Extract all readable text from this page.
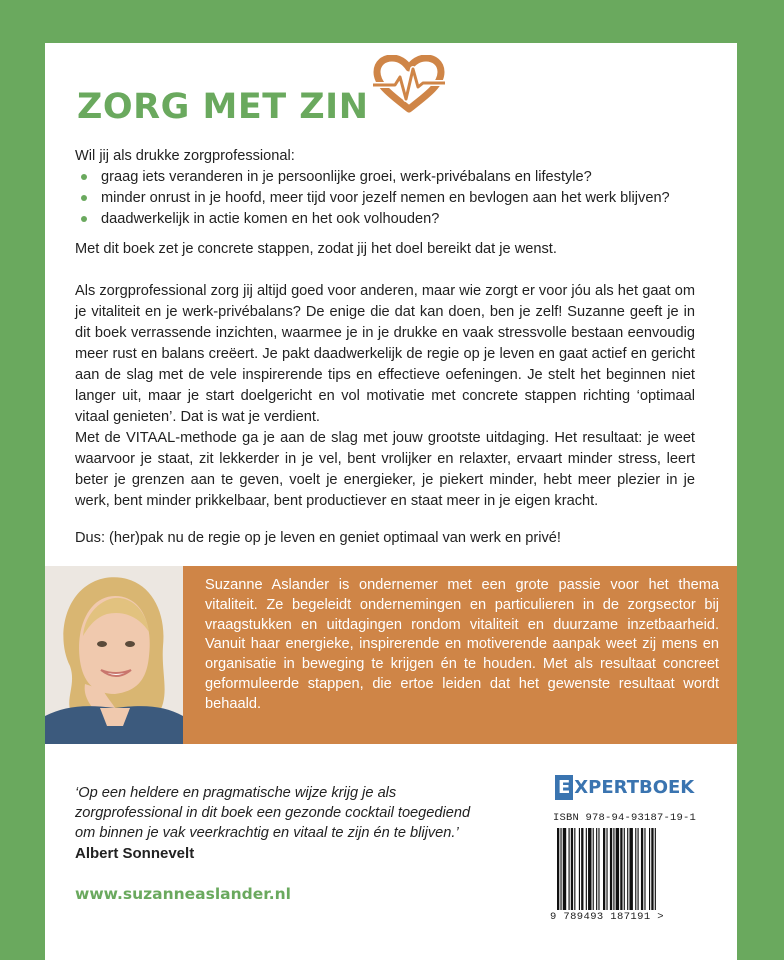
ZORG MET ZIN

Wil jij als drukke zorgprofessional:

graag iets veranderen in je persoonlijke groei, werk-privébalans en lifestyle?
minder onrust in je hoofd, meer tijd voor jezelf nemen en bevlogen aan het werk blijven?
daadwerkelijk in actie komen en het ook volhouden?

Met dit boek zet je concrete stappen, zodat jij het doel bereikt dat je wenst.

Als zorgprofessional zorg jij altijd goed voor anderen, maar wie zorgt er voor jóu als het gaat om je vitaliteit en je werk-privébalans? De enige die dat kan doen, ben je zelf! Suzanne geeft je in dit boek verrassende inzichten, waarmee je in je drukke en vaak stressvolle bestaan eenvoudig meer rust en balans creëert. Je pakt daadwerkelijk de regie op je leven en gaat actief en gericht aan de slag met de vele inspirerende tips en effectieve oefeningen. Je stelt het beginnen niet langer uit, maar je start doelgericht en vol motivatie met concrete stappen richting ‘optimaal vitaal genieten’. Dat is wat je verdient.

Met de VITAAL-methode ga je aan de slag met jouw grootste uitdaging. Het resultaat: je weet waarvoor je staat, zit lekkerder in je vel, bent vrolijker en relaxter, ervaart minder stress, leert beter je grenzen aan te geven, voelt je energieker, je piekert minder, hebt meer plezier in je werk, bent minder prikkelbaar, bent productiever en staat meer in je eigen kracht.

Dus: (her)pak nu de regie op je leven en geniet optimaal van werk en privé!

Suzanne Aslander is ondernemer met een grote passie voor het thema vitaliteit. Ze begeleidt ondernemingen en particulieren in de zorgsector bij vraagstukken en uitdagingen rondom vitaliteit en duurzame inzetbaarheid. Vanuit haar energieke, inspirerende en motiverende aanpak weet zij mens en organisatie in beweging te krijgen én te houden. Met als resultaat concreet geformuleerde stappen, die ertoe leiden dat het gewenste resultaat wordt behaald.

‘Op een heldere en pragmatische wijze krijg je als zorgprofessional in dit boek een gezonde cocktail toegediend om binnen je vak veerkrachtig en vitaal te zijn én te blijven.’

Albert Sonnevelt

www.suzanneaslander.nl

E XPERTBOEK

ISBN 978-94-93187-19-1

9 789493 187191 >
